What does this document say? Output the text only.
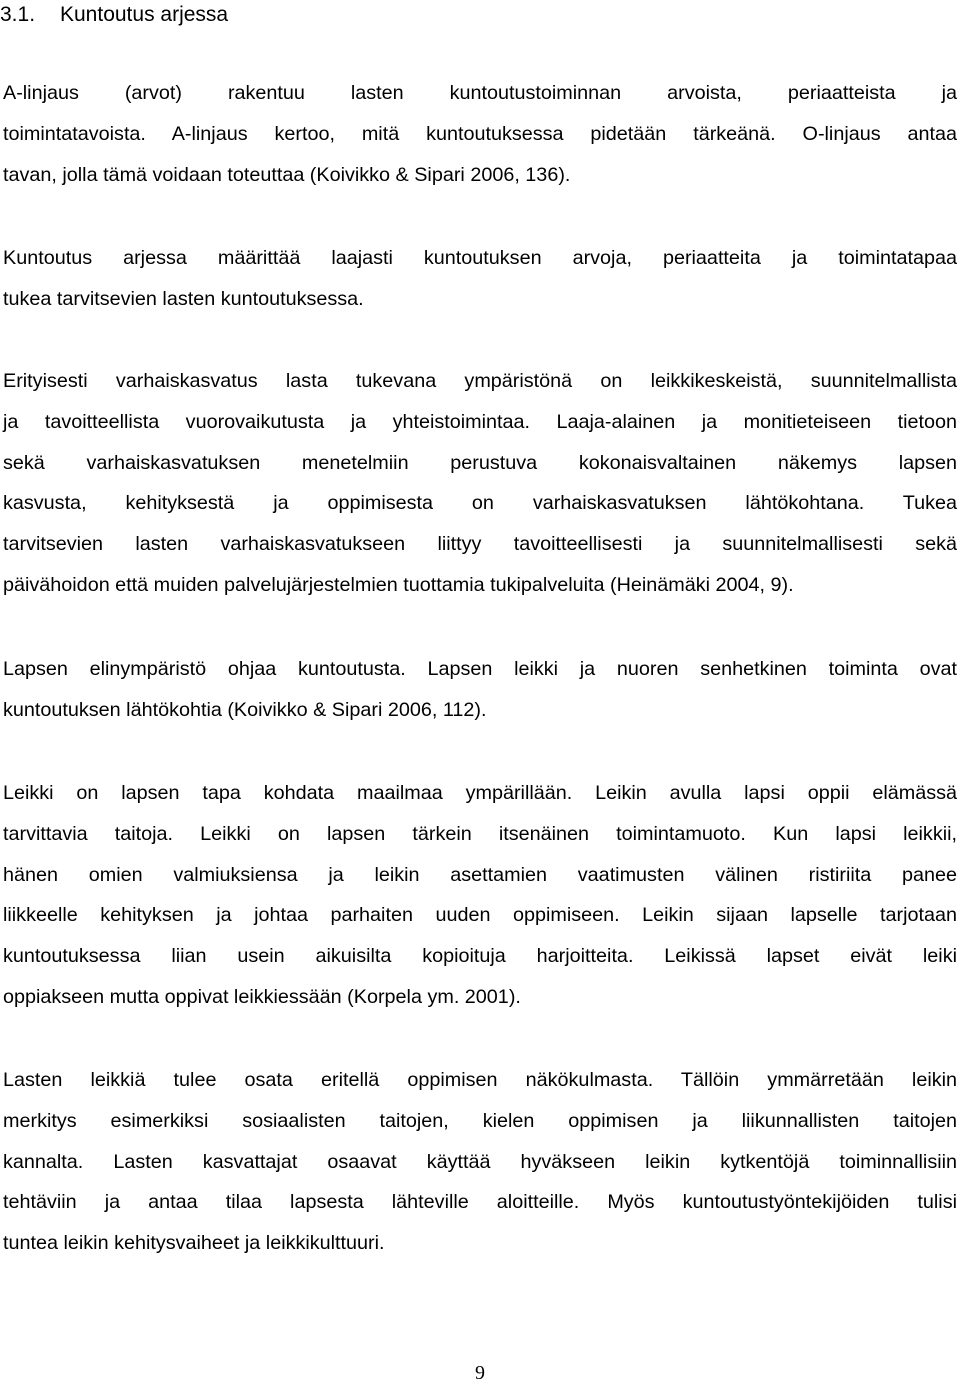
3.1. Kuntoutus arjessa
A-linjaus (arvot) rakentuu lasten kuntoutustoiminnan arvoista, periaatteista ja
toimintatavoista. A-linjaus kertoo, mitä kuntoutuksessa pidetään tärkeänä. O-linjaus antaa
tavan, jolla tämä voidaan toteuttaa (Koivikko & Sipari 2006, 136).
Kuntoutus arjessa määrittää laajasti kuntoutuksen arvoja, periaatteita ja toimintatapaa
tukea tarvitsevien lasten kuntoutuksessa.
Erityisesti varhaiskasvatus lasta tukevana ympäristönä on leikkikeskeistä, suunnitelmallista
ja tavoitteellista vuorovaikutusta ja yhteistoimintaa. Laaja-alainen ja monitieteiseen tietoon
sekä varhaiskasvatuksen menetelmiin perustuva kokonaisvaltainen näkemys lapsen
kasvusta, kehityksestä ja oppimisesta on varhaiskasvatuksen lähtökohtana. Tukea
tarvitsevien lasten varhaiskasvatukseen liittyy tavoitteellisesti ja suunnitelmallisesti sekä
päivähoidon että muiden palvelujärjestelmien tuottamia tukipalveluita (Heinämäki 2004, 9).
Lapsen elinympäristö ohjaa kuntoutusta. Lapsen leikki ja nuoren senhetkinen toiminta ovat
kuntoutuksen lähtökohtia (Koivikko & Sipari 2006, 112).
Leikki on lapsen tapa kohdata maailmaa ympärillään. Leikin avulla lapsi oppii elämässä
tarvittavia taitoja. Leikki on lapsen tärkein itsenäinen toimintamuoto. Kun lapsi leikkii,
hänen omien valmiuksiensa ja leikin asettamien vaatimusten välinen ristiriita panee
liikkeelle kehityksen ja johtaa parhaiten uuden oppimiseen. Leikin sijaan lapselle tarjotaan
kuntoutuksessa liian usein aikuisilta kopioituja harjoitteita. Leikissä lapset eivät leiki
oppiakseen mutta oppivat leikkiessään (Korpela ym. 2001).
Lasten leikkiä tulee osata eritellä oppimisen näkökulmasta. Tällöin ymmärretään leikin
merkitys esimerkiksi sosiaalisten taitojen, kielen oppimisen ja liikunnallisten taitojen
kannalta. Lasten kasvattajat osaavat käyttää hyväkseen leikin kytkentöjä toiminnallisiin
tehtäviin ja antaa tilaa lapsesta lähteville aloitteille. Myös kuntoutustyöntekijöiden tulisi
tuntea leikin kehitysvaiheet ja leikkikulttuuri.
9
